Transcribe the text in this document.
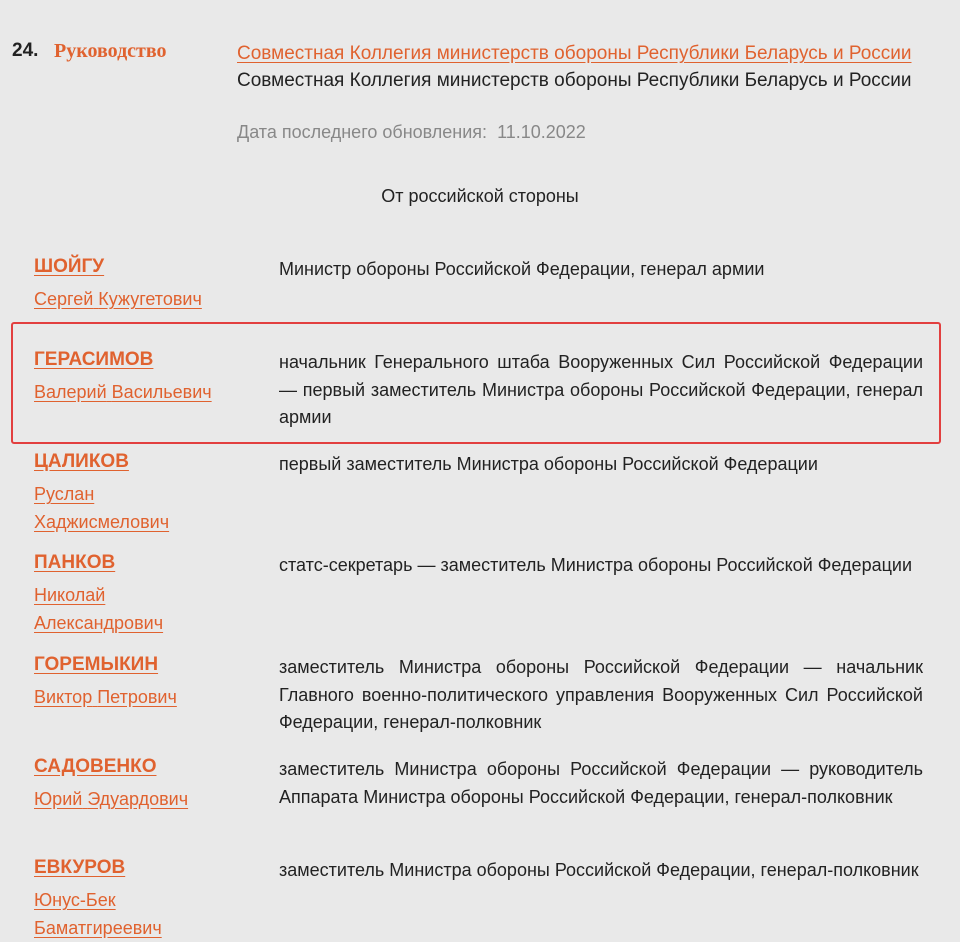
24. Руководство	Совместная Коллегия министерств обороны Республики Беларусь и России Совместная Коллегия министерств обороны Республики Беларусь и России
Дата последнего обновления: 11.10.2022
От российской стороны
ШОЙГУ
Сергей Кужугетович
Министр обороны Российской Федерации, генерал армии
ГЕРАСИМОВ
Валерий Васильевич
начальник Генерального штаба Вооруженных Сил Российской Федерации — первый заместитель Министра обороны Российской Федерации, генерал армии
ЦАЛИКОВ
Руслан Хаджисмелович
первый заместитель Министра обороны Российской Федерации
ПАНКОВ
Николай Александрович
статс-секретарь — заместитель Министра обороны Российской Федерации
ГОРЕМЫКИН
Виктор Петрович
заместитель Министра обороны Российской Федерации — начальник Главного военно-политического управления Вооруженных Сил Российской Федерации, генерал-полковник
САДОВЕНКО
Юрий Эдуардович
заместитель Министра обороны Российской Федерации — руководитель Аппарата Министра обороны Российской Федерации, генерал-полковник
ЕВКУРОВ
Юнус-Бек Баматгиреевич
заместитель Министра обороны Российской Федерации, генерал-полковник
